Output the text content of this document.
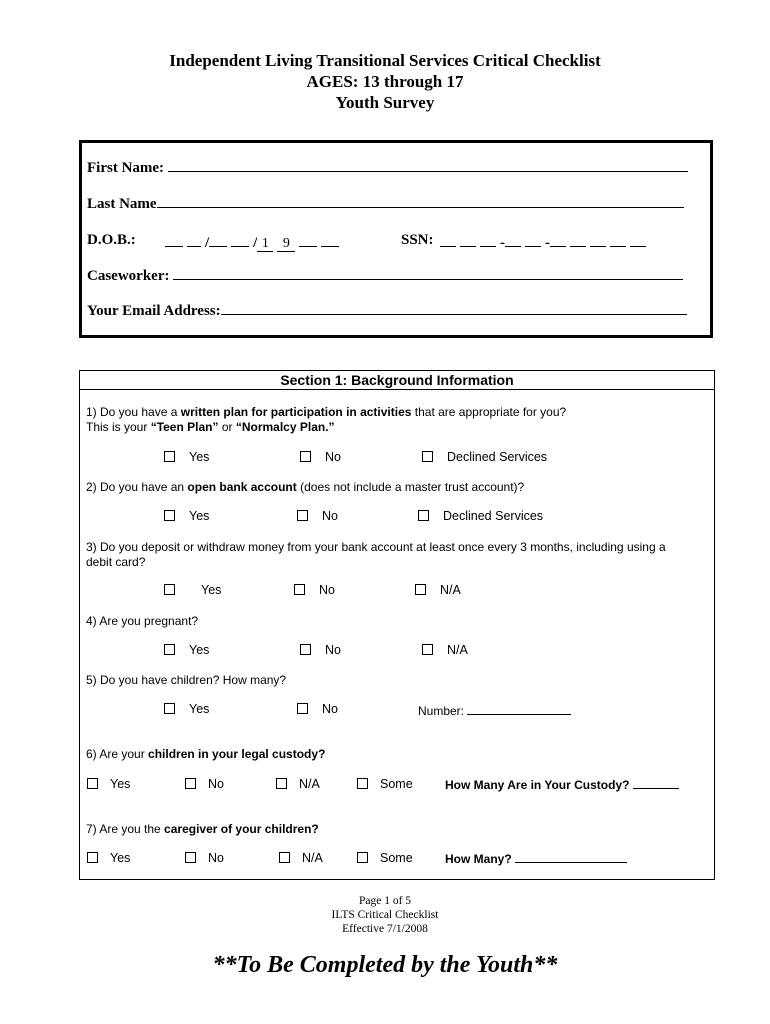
Independent Living Transitional Services Critical Checklist
AGES: 13 through 17
Youth Survey
First Name:
Last Name
D.O.B.:	/	/ 1 9	SSN:	-	-
Caseworker:
Your Email Address:
Section 1: Background Information
1) Do you have a written plan for participation in activities that are appropriate for you?
This is your “Teen Plan” or “Normalcy Plan.”
Yes	No	Declined Services
2) Do you have an open bank account (does not include a master trust account)?
Yes	No	Declined Services
3) Do you deposit or withdraw money from your bank account at least once every 3 months, including using a
debit card?
Yes	No	N/A
4) Are you pregnant?
Yes	No	N/A
5) Do you have children? How many?
Yes	No	Number:
6) Are your children in your legal custody?
Yes	No	N/A	Some	How Many Are in Your Custody?
7) Are you the caregiver of your children?
Yes	No	N/A	Some	How Many?
Page 1 of 5
ILTS Critical Checklist
Effective 7/1/2008
**To Be Completed by the Youth**
